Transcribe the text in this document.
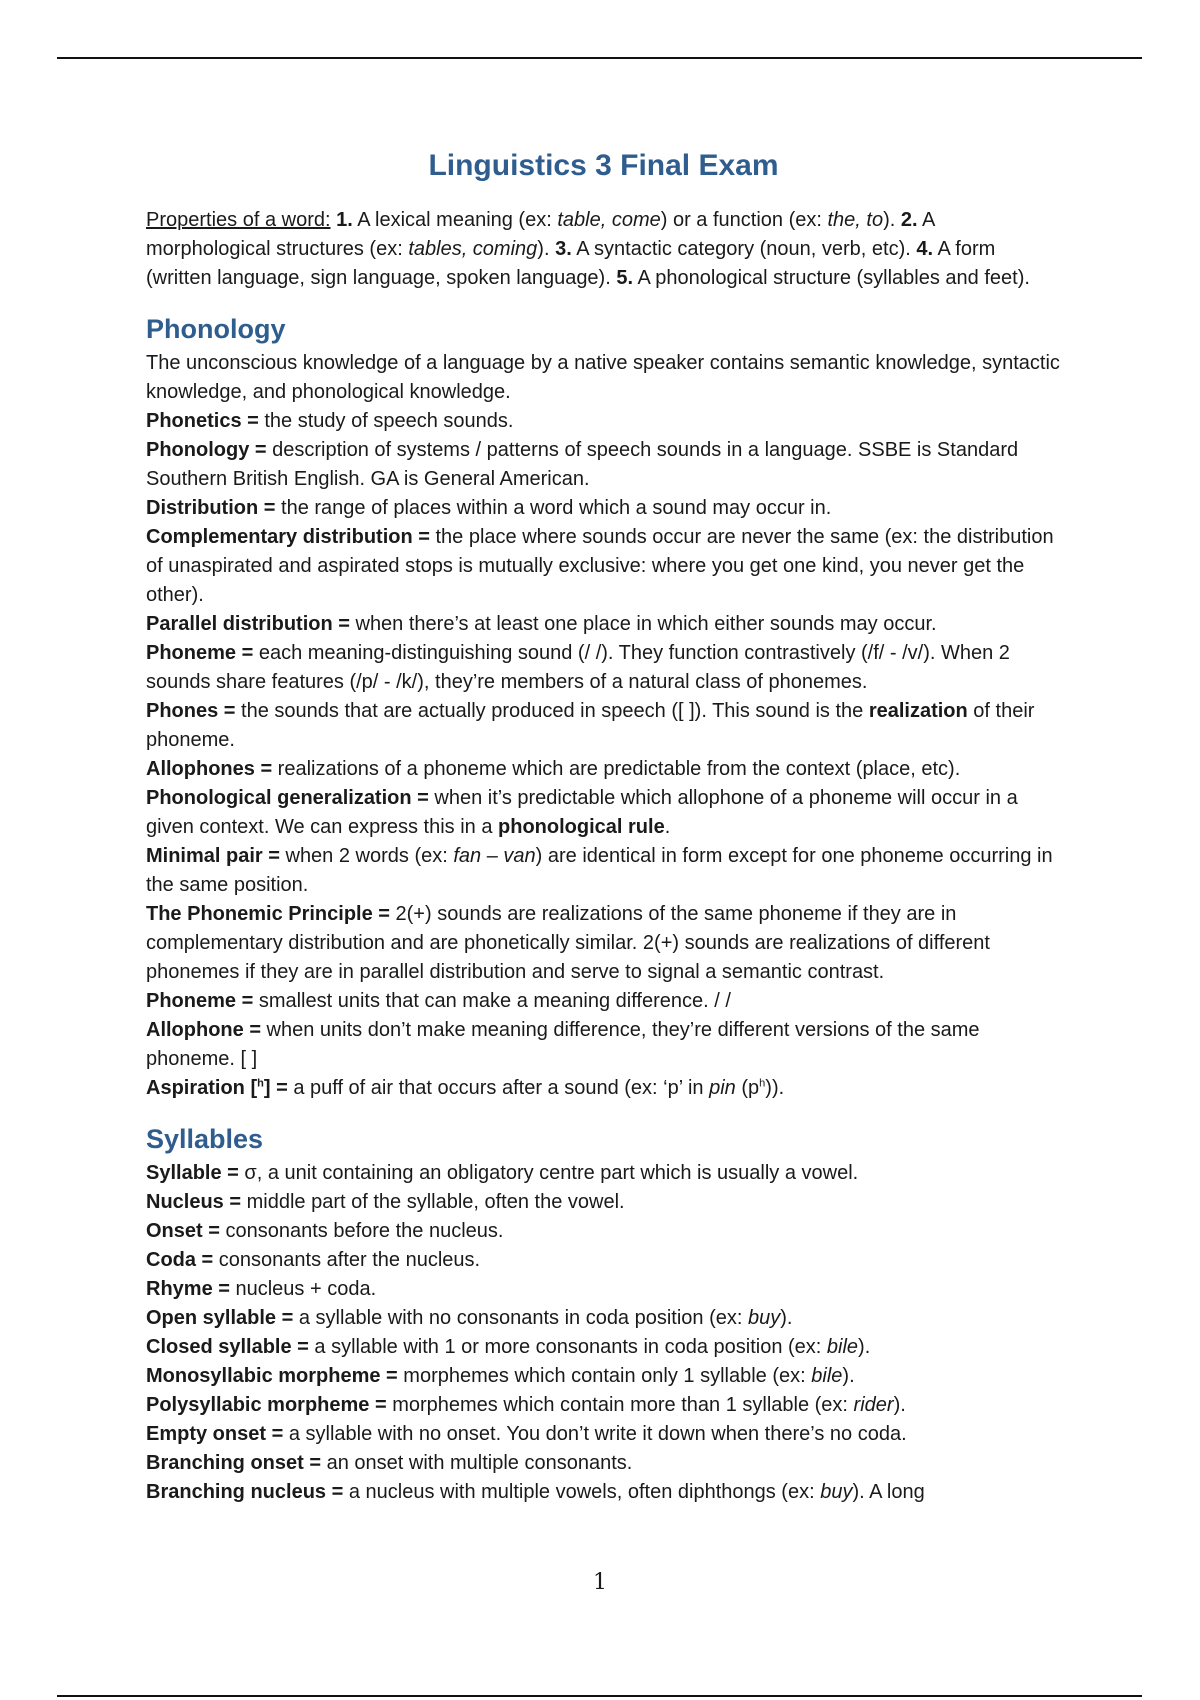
Linguistics 3 Final Exam

Properties of a word: 1. A lexical meaning (ex: table, come) or a function (ex: the, to). 2. A morphological structures (ex: tables, coming). 3. A syntactic category (noun, verb, etc). 4. A form (written language, sign language, spoken language). 5. A phonological structure (syllables and feet).

Phonology

The unconscious knowledge of a language by a native speaker contains semantic knowledge, syntactic knowledge, and phonological knowledge.

Phonetics = the study of speech sounds.

Phonology = description of systems / patterns of speech sounds in a language. SSBE is Standard Southern British English. GA is General American.

Distribution = the range of places within a word which a sound may occur in.

Complementary distribution = the place where sounds occur are never the same (ex: the distribution of unaspirated and aspirated stops is mutually exclusive: where you get one kind, you never get the other).

Parallel distribution = when there’s at least one place in which either sounds may occur.

Phoneme = each meaning-distinguishing sound (/ /). They function contrastively (/f/ - /v/). When 2 sounds share features (/p/ - /k/), they’re members of a natural class of phonemes.

Phones = the sounds that are actually produced in speech ([ ]). This sound is the realization of their phoneme.

Allophones = realizations of a phoneme which are predictable from the context (place, etc).

Phonological generalization = when it’s predictable which allophone of a phoneme will occur in a given context. We can express this in a phonological rule.

Minimal pair = when 2 words (ex: fan – van) are identical in form except for one phoneme occurring in the same position.

The Phonemic Principle = 2(+) sounds are realizations of the same phoneme if they are in complementary distribution and are phonetically similar. 2(+) sounds are realizations of different phonemes if they are in parallel distribution and serve to signal a semantic contrast.

Phoneme = smallest units that can make a meaning difference. / /

Allophone = when units don’t make meaning difference, they’re different versions of the same phoneme. [ ]

Aspiration [$^h$] = a puff of air that occurs after a sound (ex: ‘p’ in pin $(p^h)$).

Syllables

Syllable = σ, a unit containing an obligatory centre part which is usually a vowel.

Nucleus = middle part of the syllable, often the vowel.

Onset = consonants before the nucleus.

Coda = consonants after the nucleus.

Rhyme = nucleus + coda.

Open syllable = a syllable with no consonants in coda position (ex: buy).

Closed syllable = a syllable with 1 or more consonants in coda position (ex: bile).

Monosyllabic morpheme = morphemes which contain only 1 syllable (ex: bile).

Polysyllabic morpheme = morphemes which contain more than 1 syllable (ex: rider).

Empty onset = a syllable with no onset. You don’t write it down when there’s no coda.

Branching onset = an onset with multiple consonants.

Branching nucleus = a nucleus with multiple vowels, often diphthongs (ex: buy). A long

1
